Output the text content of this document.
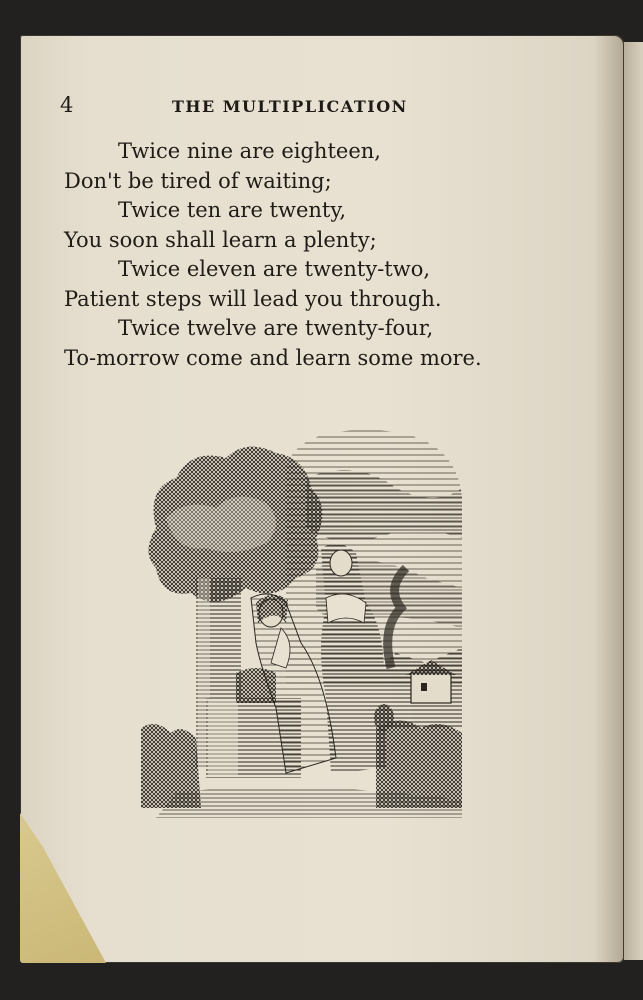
4	THE MULTIPLICATION
Twice nine are eighteen,
Don't be tired of waiting;
Twice ten are twenty,
You soon shall learn a plenty;
Twice eleven are twenty-two,
Patient steps will lead you through.
Twice twelve are twenty-four,
To-morrow come and learn some more.
